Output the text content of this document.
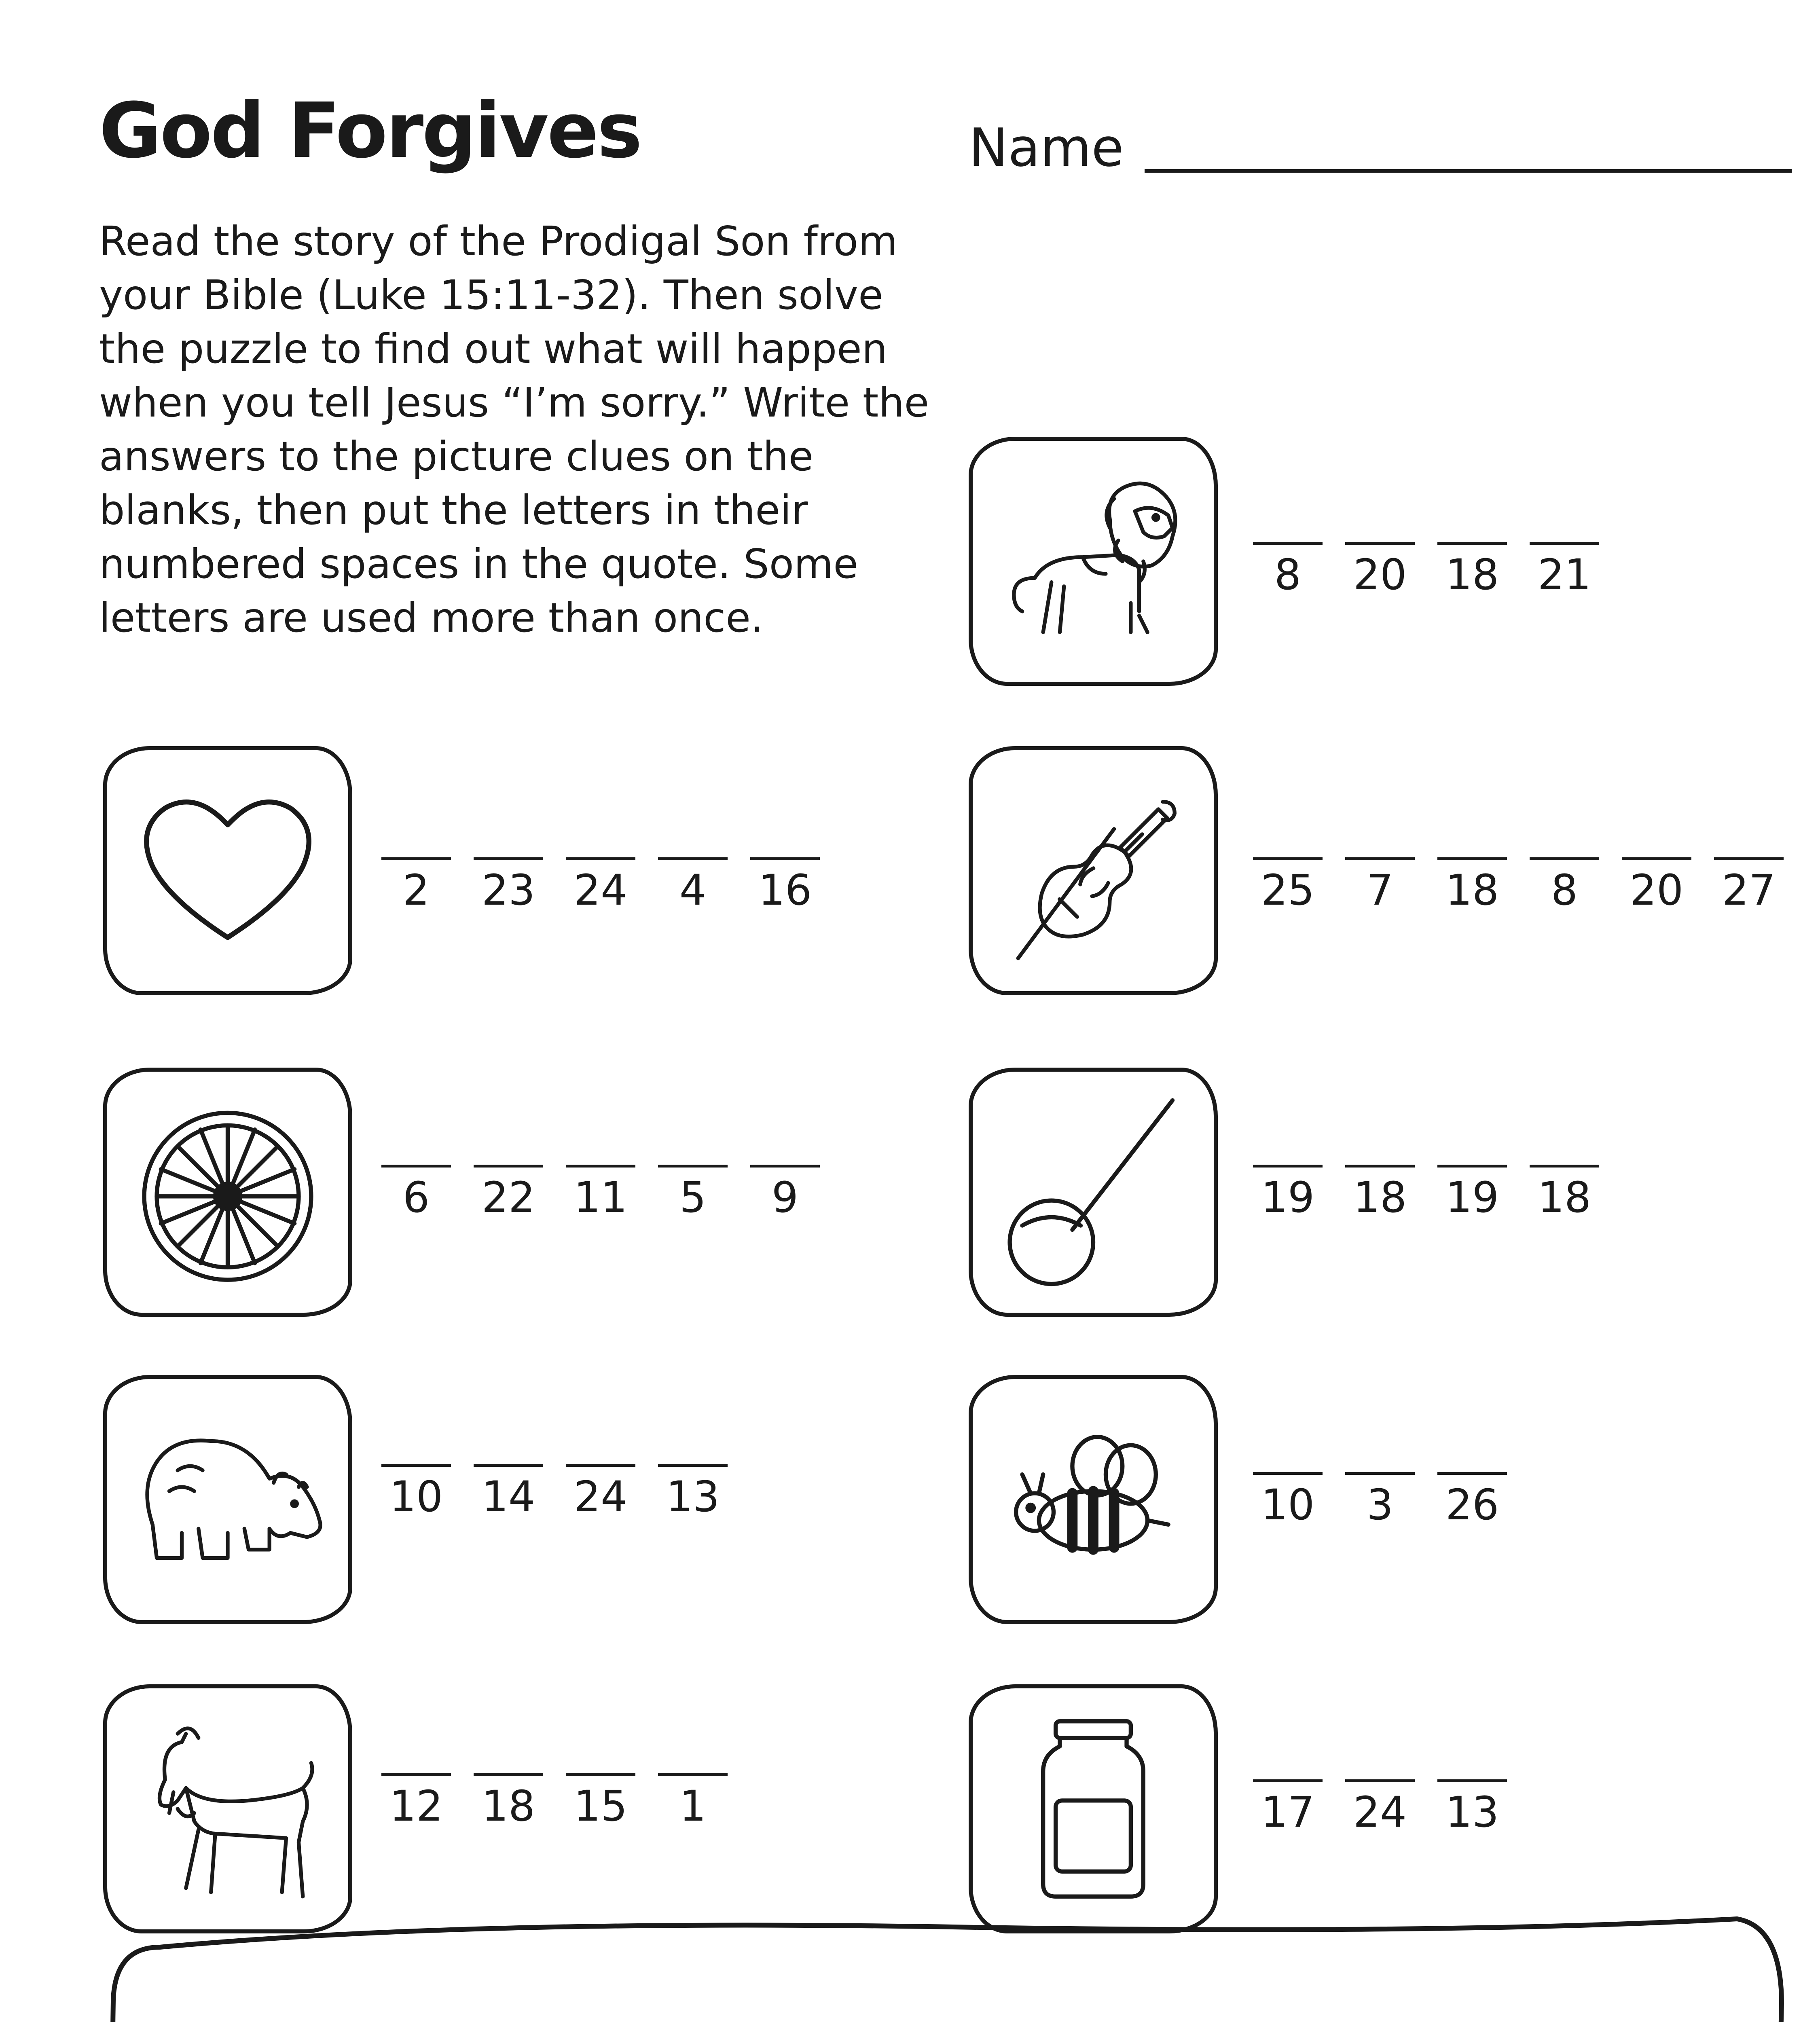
God Forgives	Name

Read the story of the Prodigal Son from your Bible (Luke 15:11-32). Then solve the puzzle to find out what will happen when you tell Jesus “I’m sorry.” Write the answers to the picture clues on the blanks, then put the letters in their numbered spaces in the quote. Some letters are used more than once.

8 20 18 21
2 23 24 4 16	25 7 18 8 20 27
6 22 11 5 9	19 18 19 18
10 14 24 13	10 3 26
12 18 15 1	17 24 13
